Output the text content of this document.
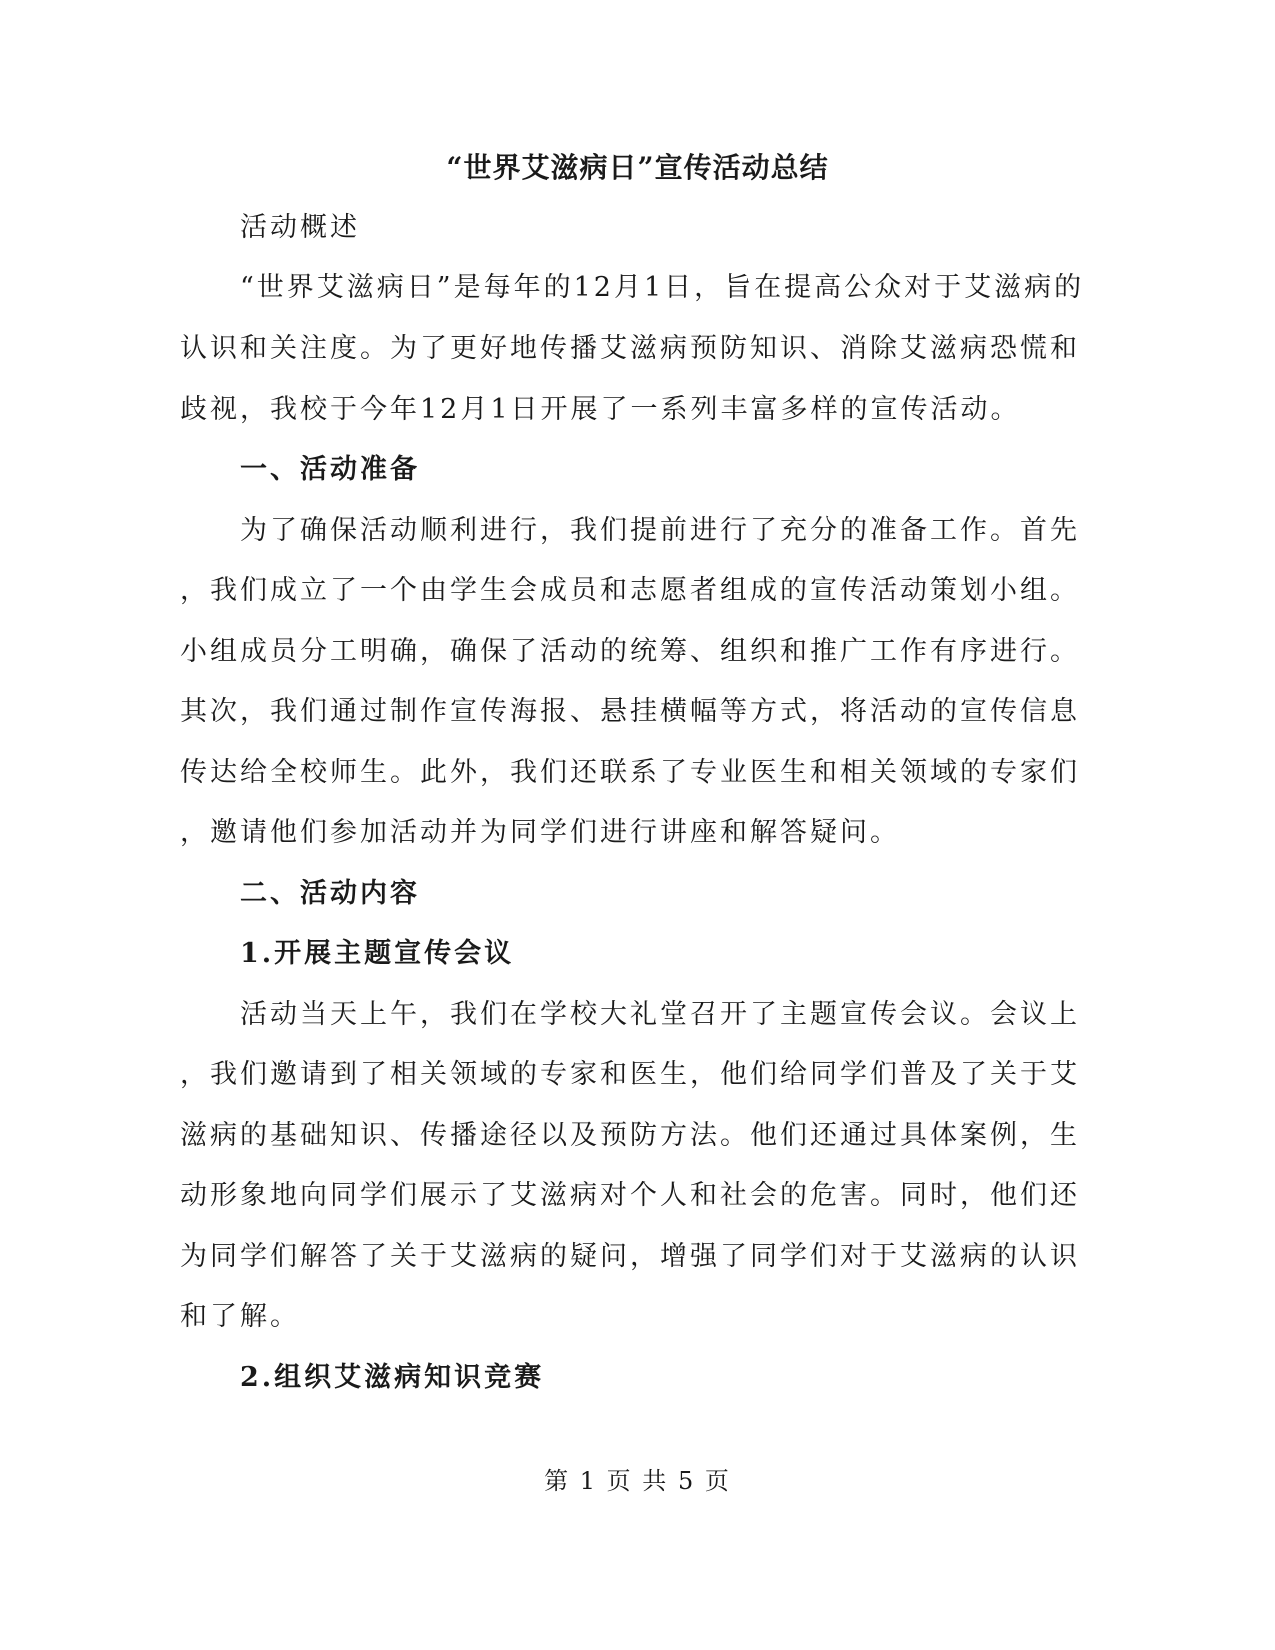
“世界艾滋病日”宣传活动总结

活动概述

“世界艾滋病日”是每年的12月1日，旨在提高公众对于艾滋病的

认识和关注度。为了更好地传播艾滋病预防知识、消除艾滋病恐慌和

歧视，我校于今年12月1日开展了一系列丰富多样的宣传活动。

一、活动准备

为了确保活动顺利进行，我们提前进行了充分的准备工作。首先

，我们成立了一个由学生会成员和志愿者组成的宣传活动策划小组。

小组成员分工明确，确保了活动的统筹、组织和推广工作有序进行。

其次，我们通过制作宣传海报、悬挂横幅等方式，将活动的宣传信息

传达给全校师生。此外，我们还联系了专业医生和相关领域的专家们

，邀请他们参加活动并为同学们进行讲座和解答疑问。

二、活动内容
1.开展主题宣传会议

活动当天上午，我们在学校大礼堂召开了主题宣传会议。会议上

，我们邀请到了相关领域的专家和医生，他们给同学们普及了关于艾

滋病的基础知识、传播途径以及预防方法。他们还通过具体案例，生

动形象地向同学们展示了艾滋病对个人和社会的危害。同时，他们还

为同学们解答了关于艾滋病的疑问，增强了同学们对于艾滋病的认识

和了解。

2.组织艾滋病知识竞赛

第 1 页 共 5 页
